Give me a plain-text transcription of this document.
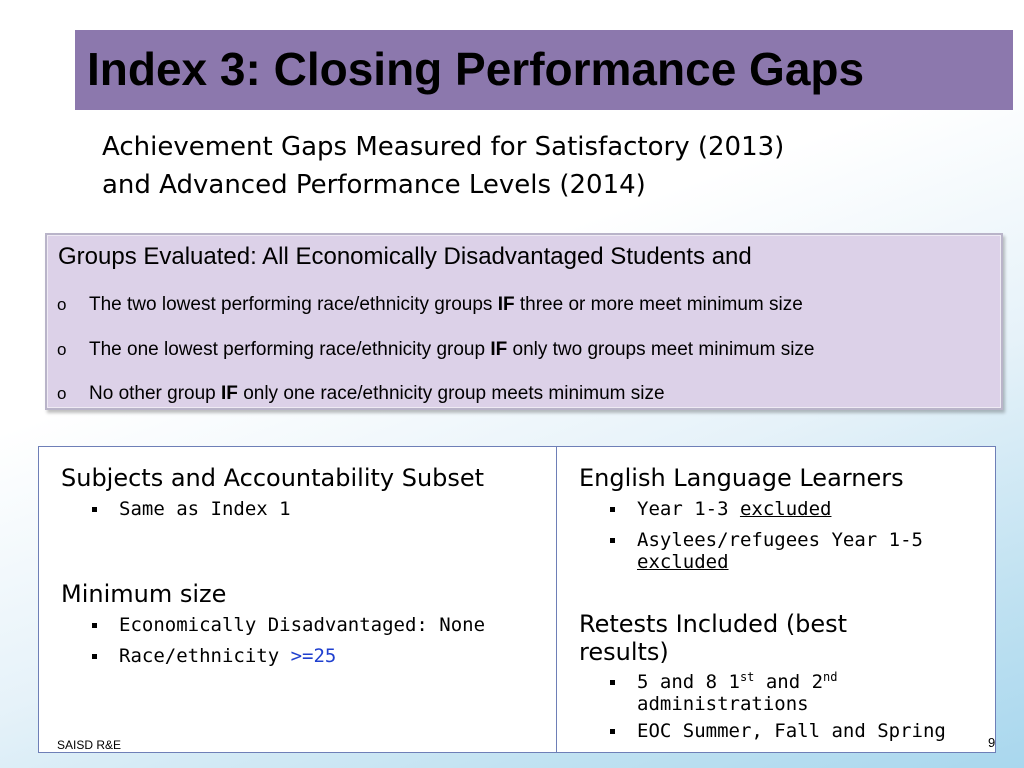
Index 3: Closing Performance Gaps
Achievement Gaps Measured for Satisfactory (2013)
and Advanced Performance Levels (2014)
Groups Evaluated: All Economically Disadvantaged Students and
o The two lowest performing race/ethnicity groups IF three or more meet minimum size
o The one lowest performing race/ethnicity group IF only two groups meet minimum size
o No other group IF only one race/ethnicity group meets minimum size
Subjects and Accountability Subset
Same as Index 1
Minimum size
Economically Disadvantaged: None
Race/ethnicity >=25
English Language Learners
Year 1-3 excluded
Asylees/refugees Year 1-5
excluded
Retests Included (best
results)
5 and 8 1st and 2nd
administrations
EOC Summer, Fall and Spring
SAISD R&E	9
